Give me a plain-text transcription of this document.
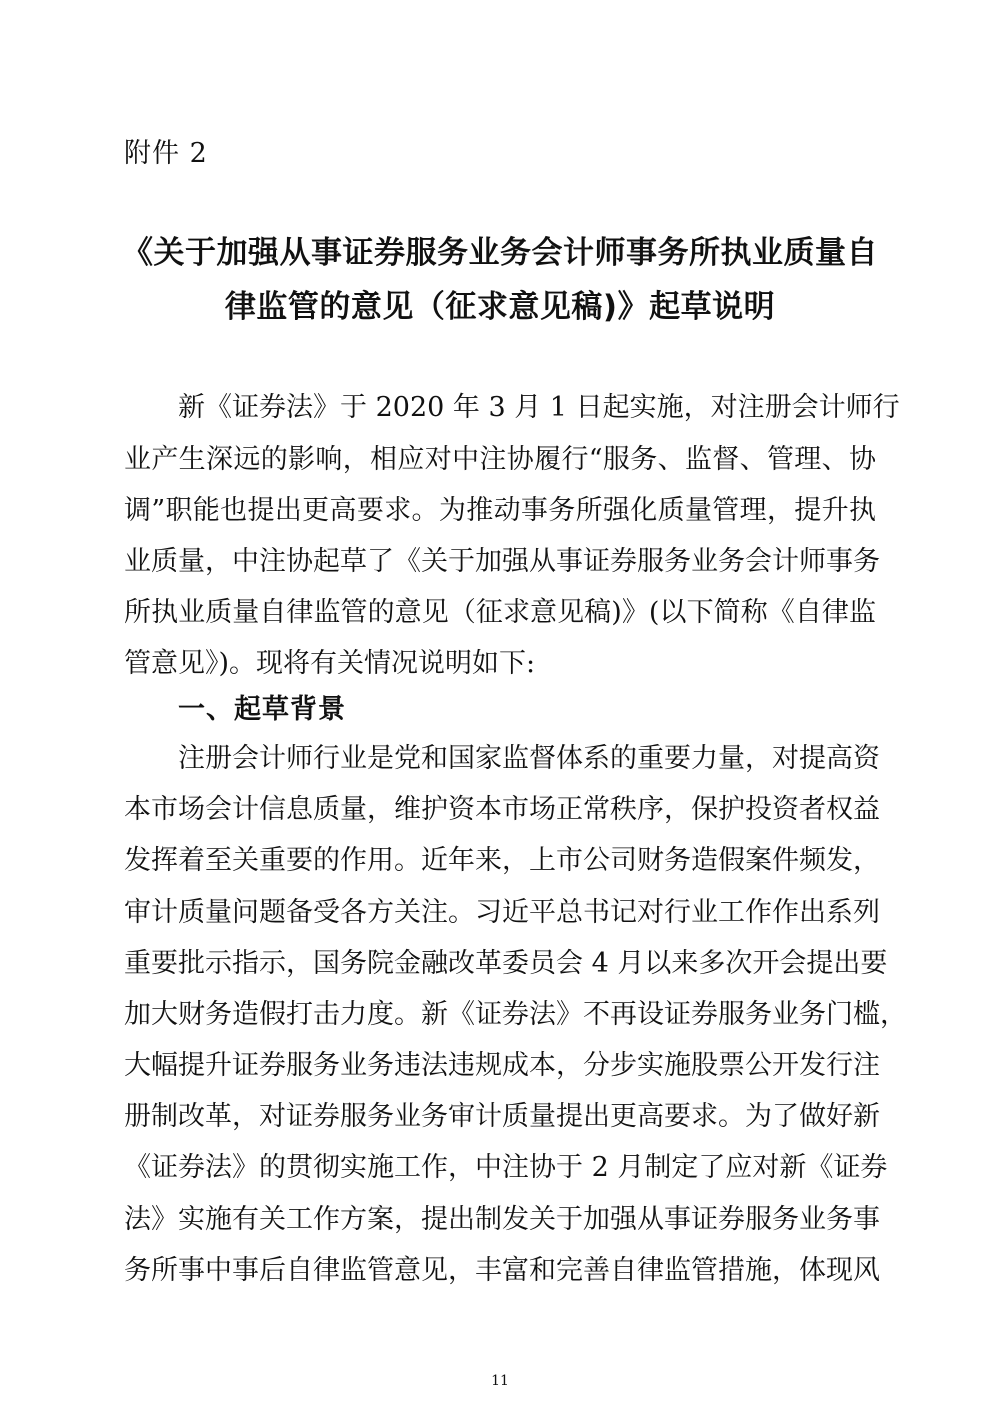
附件 2
《关于加强从事证券服务业务会计师事务所执业质量自
律监管的意见（征求意见稿)》起草说明
新《证券法》于 2020 年 3 月 1 日起实施，对注册会计师行
业产生深远的影响，相应对中注协履行“服务、监督、管理、协
调”职能也提出更高要求。为推动事务所强化质量管理，提升执
业质量，中注协起草了《关于加强从事证券服务业务会计师事务
所执业质量自律监管的意见（征求意见稿)》(以下简称《自律监
管意见》)。现将有关情况说明如下:
一、起草背景
注册会计师行业是党和国家监督体系的重要力量，对提高资
本市场会计信息质量，维护资本市场正常秩序，保护投资者权益
发挥着至关重要的作用。近年来，上市公司财务造假案件频发，
审计质量问题备受各方关注。习近平总书记对行业工作作出系列
重要批示指示，国务院金融改革委员会 4 月以来多次开会提出要
加大财务造假打击力度。新《证券法》不再设证券服务业务门槛，
大幅提升证券服务业务违法违规成本，分步实施股票公开发行注
册制改革，对证券服务业务审计质量提出更高要求。为了做好新
《证券法》的贯彻实施工作，中注协于 2 月制定了应对新《证券
法》实施有关工作方案，提出制发关于加强从事证券服务业务事
务所事中事后自律监管意见，丰富和完善自律监管措施，体现风
11
